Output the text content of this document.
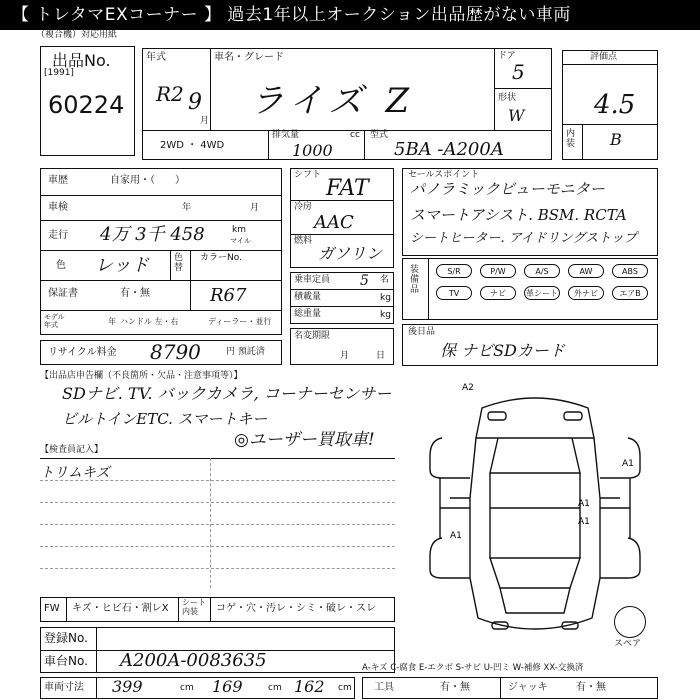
【 トレタマEXコーナー 】 過去1年以上オークション出品歴がない車両
（複合機）対応用紙
出品No.
[1991]
60224
年式
R2 9
月
車名・グレード
ライズ Z
ドア
5
形状
W
2WD ・ 4WD
排気量	cc
1000
型式
5BA -A200A
評価点
4.5
内装 B
車歴	自家用・（　　）
車検	年	月
走行 4万 3千 458	km
マイル
色 レッド	色替
カラーNo.
R67
保証書	有・無
モデル年式	年 ハンドル 左・右	ディーラー・並行
リサイクル料金 8790	円 預託済
シフト
FAT
冷房
AAC
燃料
ガソリン
乗車定員 5 名
積載量	kg
総重量	kg
名変期限
月	日
セールスポイント
パノラミックビューモニター
スマートアシスト. BSM. RCTA
シートヒーター. アイドリングストップ
装備品
S/R	P/W	A/S	AW	ABS
TV	ナビ	革シート	外ナビ	エアB
後日品
保 ナビSDカード
【出品店申告欄（不良箇所・欠品・注意事項等）】
SDナビ. TV. バックカメラ, コーナーセンサー
ビルトインETC. スマートキー
◎ユーザー買取車!
【検査員記入】
トリムキズ
A2
A1
A1
A1
A1
スペア
FW キズ・ヒビ石・割レX
シート内装	コゲ・穴・汚レ・シミ・破レ・スレ
登録No.
車台No. A200A-0083635
車両寸法 399	cm 169	cm 162 cm
A-キズ C-腐食 E-エクボ S-サビ U-凹ミ W-補修 XX-交換済
工具	有・無	ジャッキ	有・無
